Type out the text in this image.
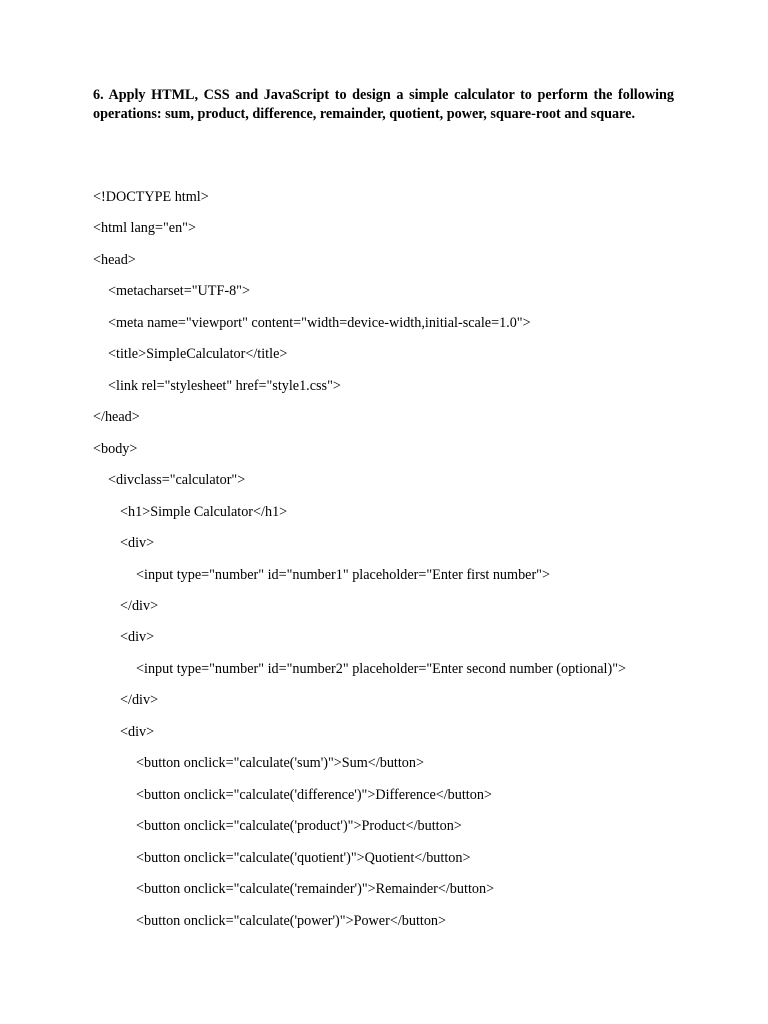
6. Apply HTML, CSS and JavaScript to design a simple calculator to perform the following operations: sum, product, difference, remainder, quotient, power, square-root and square.

<!DOCTYPE html>

<html lang="en">

<head>

<metacharset="UTF-8">

<meta name="viewport" content="width=device-width,initial-scale=1.0">

<title>SimpleCalculator</title>

<link rel="stylesheet" href="style1.css">

</head>

<body>

<divclass="calculator">

<h1>Simple Calculator</h1>

<div>

<input type="number" id="number1" placeholder="Enter first number">

</div>

<div>

<input type="number" id="number2" placeholder="Enter second number (optional)">

</div>

<div>

<button onclick="calculate('sum')">Sum</button>

<button onclick="calculate('difference')">Difference</button>

<button onclick="calculate('product')">Product</button>

<button onclick="calculate('quotient')">Quotient</button>

<button onclick="calculate('remainder')">Remainder</button>

<button onclick="calculate('power')">Power</button>
